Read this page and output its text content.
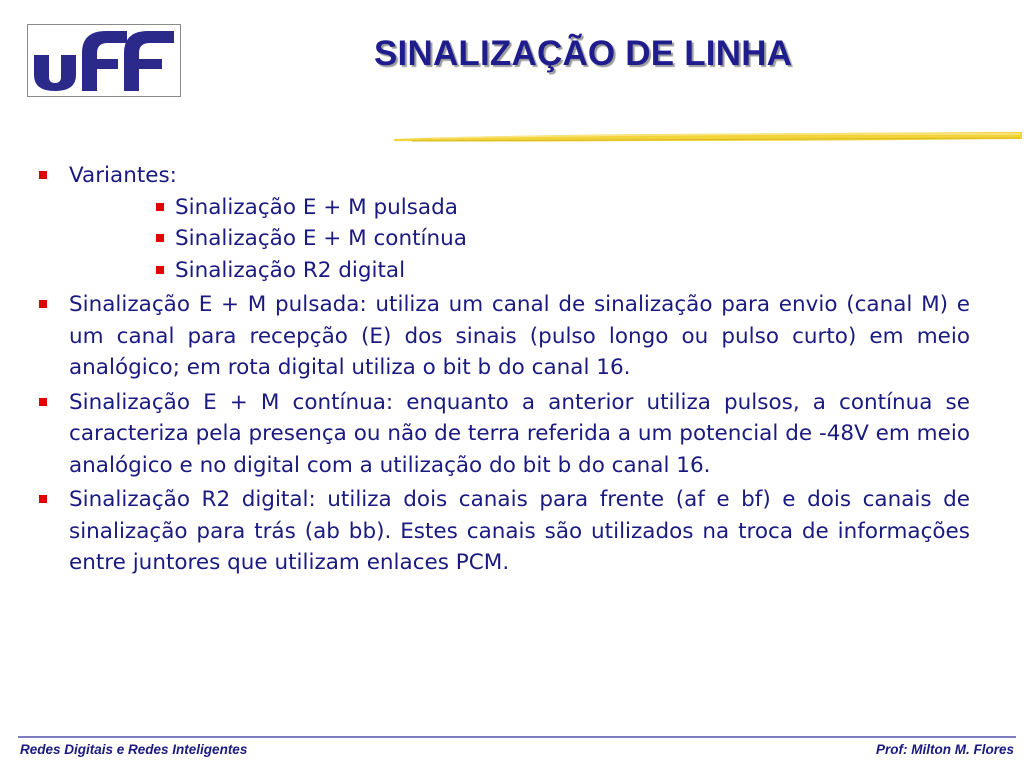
SINALIZAÇÃO DE LINHA
Variantes:
Sinalização E + M pulsada
Sinalização E + M contínua
Sinalização R2 digital
Sinalização E + M pulsada: utiliza um canal de sinalização para envio (canal M) e um canal para recepção (E) dos sinais (pulso longo ou pulso curto) em meio analógico; em rota digital utiliza o bit b do canal 16.
Sinalização E + M contínua: enquanto a anterior utiliza pulsos, a contínua se caracteriza pela presença ou não de terra referida a um potencial de -48V em meio analógico e no digital com a utilização do bit b do canal 16.
Sinalização R2 digital: utiliza dois canais para frente (af e bf) e dois canais de sinalização para trás (ab bb). Estes canais são utilizados na troca de informações entre juntores que utilizam enlaces PCM.
Redes Digitais e Redes Inteligentes	Prof: Milton M. Flores
